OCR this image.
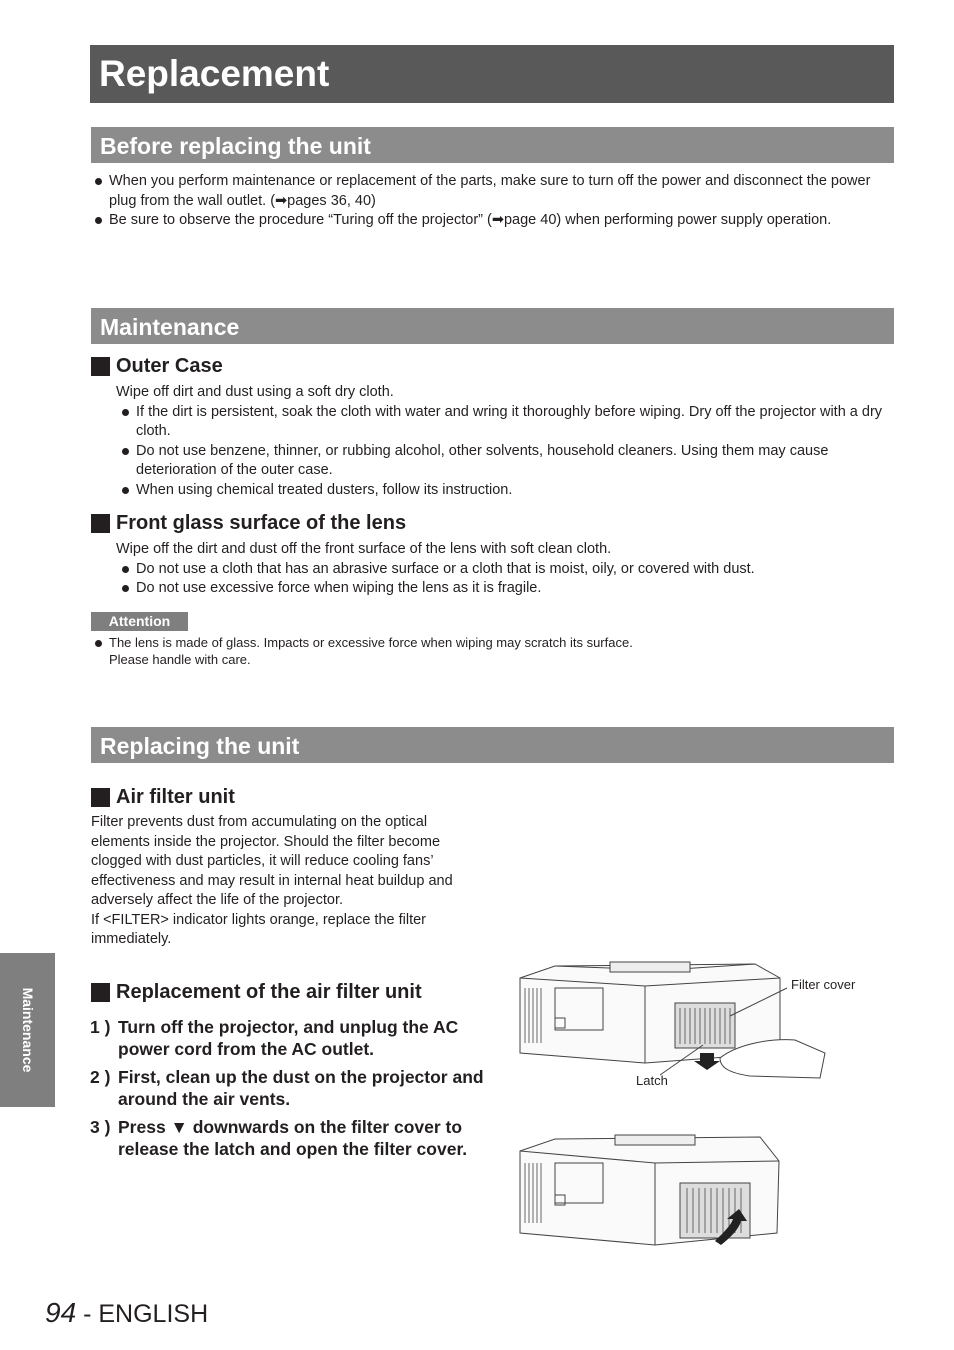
Replacement
Before replacing the unit
When you perform maintenance or replacement of the parts, make sure to turn off the power and disconnect the power plug from the wall outlet. (➡pages 36, 40)
Be sure to observe the procedure “Turing off the projector” (➡page 40) when performing power supply operation.
Maintenance
Outer Case
Wipe off dirt and dust using a soft dry cloth.
If the dirt is persistent, soak the cloth with water and wring it thoroughly before wiping. Dry off the projector with a dry cloth.
Do not use benzene, thinner, or rubbing alcohol, other solvents, household cleaners. Using them may cause deterioration of the outer case.
When using chemical treated dusters, follow its instruction.
Front glass surface of the lens
Wipe off the dirt and dust off the front surface of the lens with soft clean cloth.
Do not use a cloth that has an abrasive surface or a cloth that is moist, oily, or covered with dust.
Do not use excessive force when wiping the lens as it is fragile.
Attention
The lens is made of glass. Impacts or excessive force when wiping may scratch its surface.
Please handle with care.
Replacing the unit
Air filter unit
Filter prevents dust from accumulating on the optical elements inside the projector. Should the filter become clogged with dust particles, it will reduce cooling fans’ effectiveness and may result in internal heat buildup and adversely affect the life of the projector.
If <FILTER> indicator lights orange, replace the filter immediately.
Replacement of the air filter unit
1 ) Turn off the projector, and unplug the AC power cord from the AC outlet.
2 ) First, clean up the dust on the projector and around the air vents.
3 ) Press ▼ downwards on the filter cover to release the latch and open the filter cover.
Filter cover
Latch
Maintenance
94 - ENGLISH
